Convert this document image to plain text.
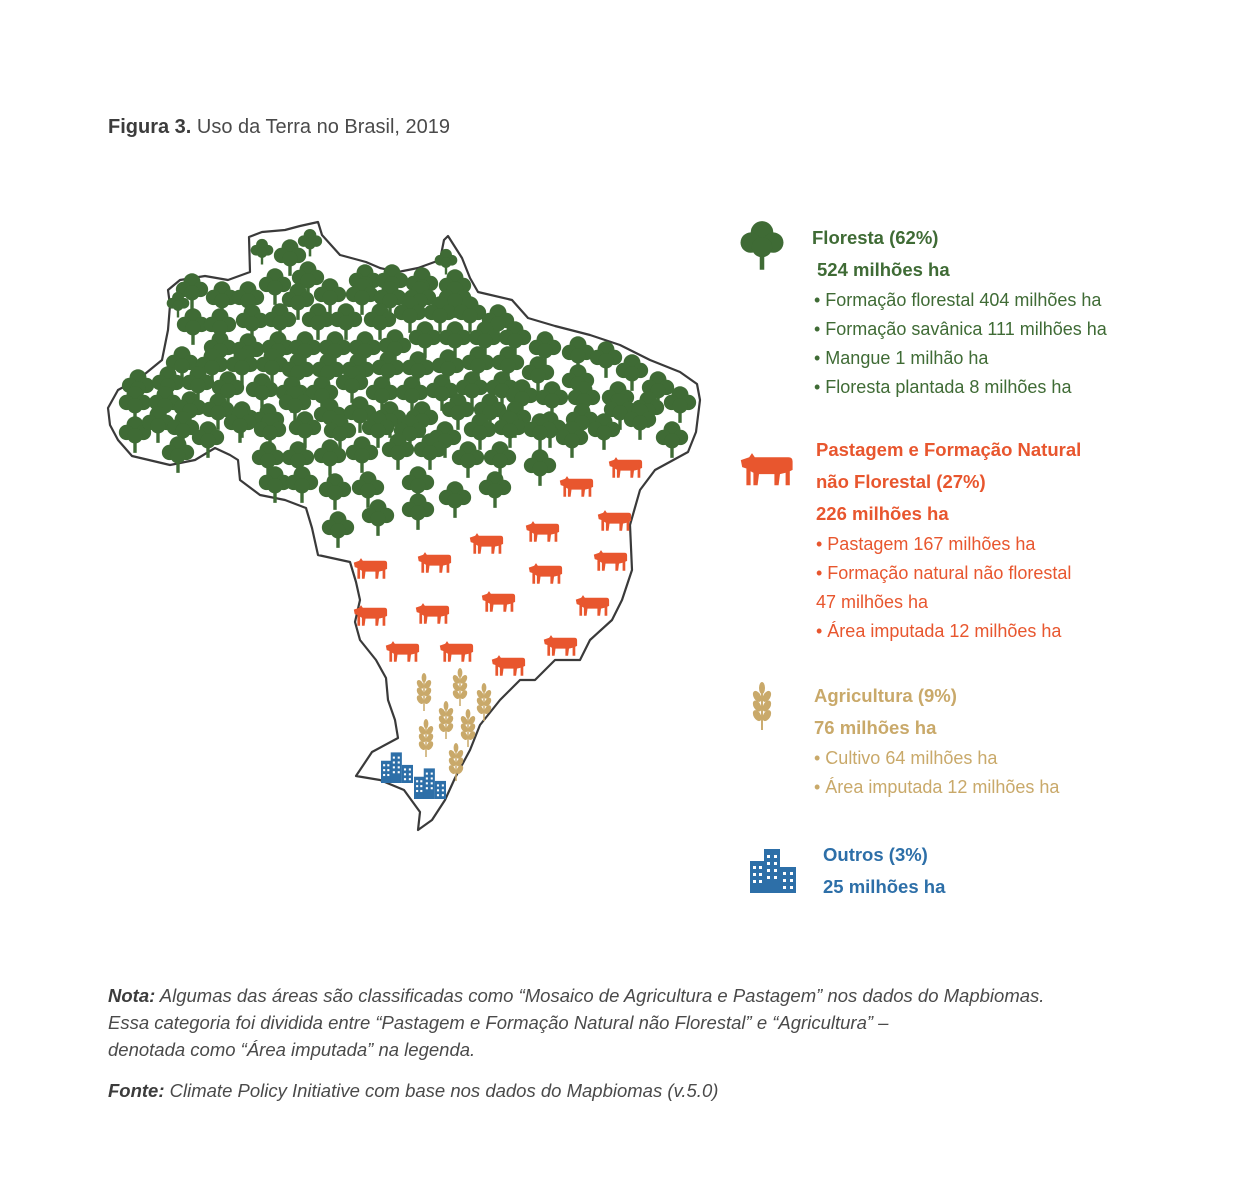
Figura 3. Uso da Terra no Brasil, 2019
Floresta (62%)
524 milhões ha
• Formação florestal 404 milhões ha
• Formação savânica 111 milhões ha
• Mangue 1 milhão ha
• Floresta plantada 8 milhões ha
Pastagem e Formação Natural
não Florestal (27%)
226 milhões ha
• Pastagem 167 milhões ha
• Formação natural não florestal
47 milhões ha
• Área imputada 12 milhões ha
Agricultura (9%)
76 milhões ha
• Cultivo 64 milhões ha
• Área imputada 12 milhões ha
Outros (3%)
25 milhões ha
Nota: Algumas das áreas são classificadas como “Mosaico de Agricultura e Pastagem” nos dados do Mapbiomas.
Essa categoria foi dividida entre “Pastagem e Formação Natural não Florestal” e “Agricultura” –
denotada como “Área imputada” na legenda.
Fonte: Climate Policy Initiative com base nos dados do Mapbiomas (v.5.0)
